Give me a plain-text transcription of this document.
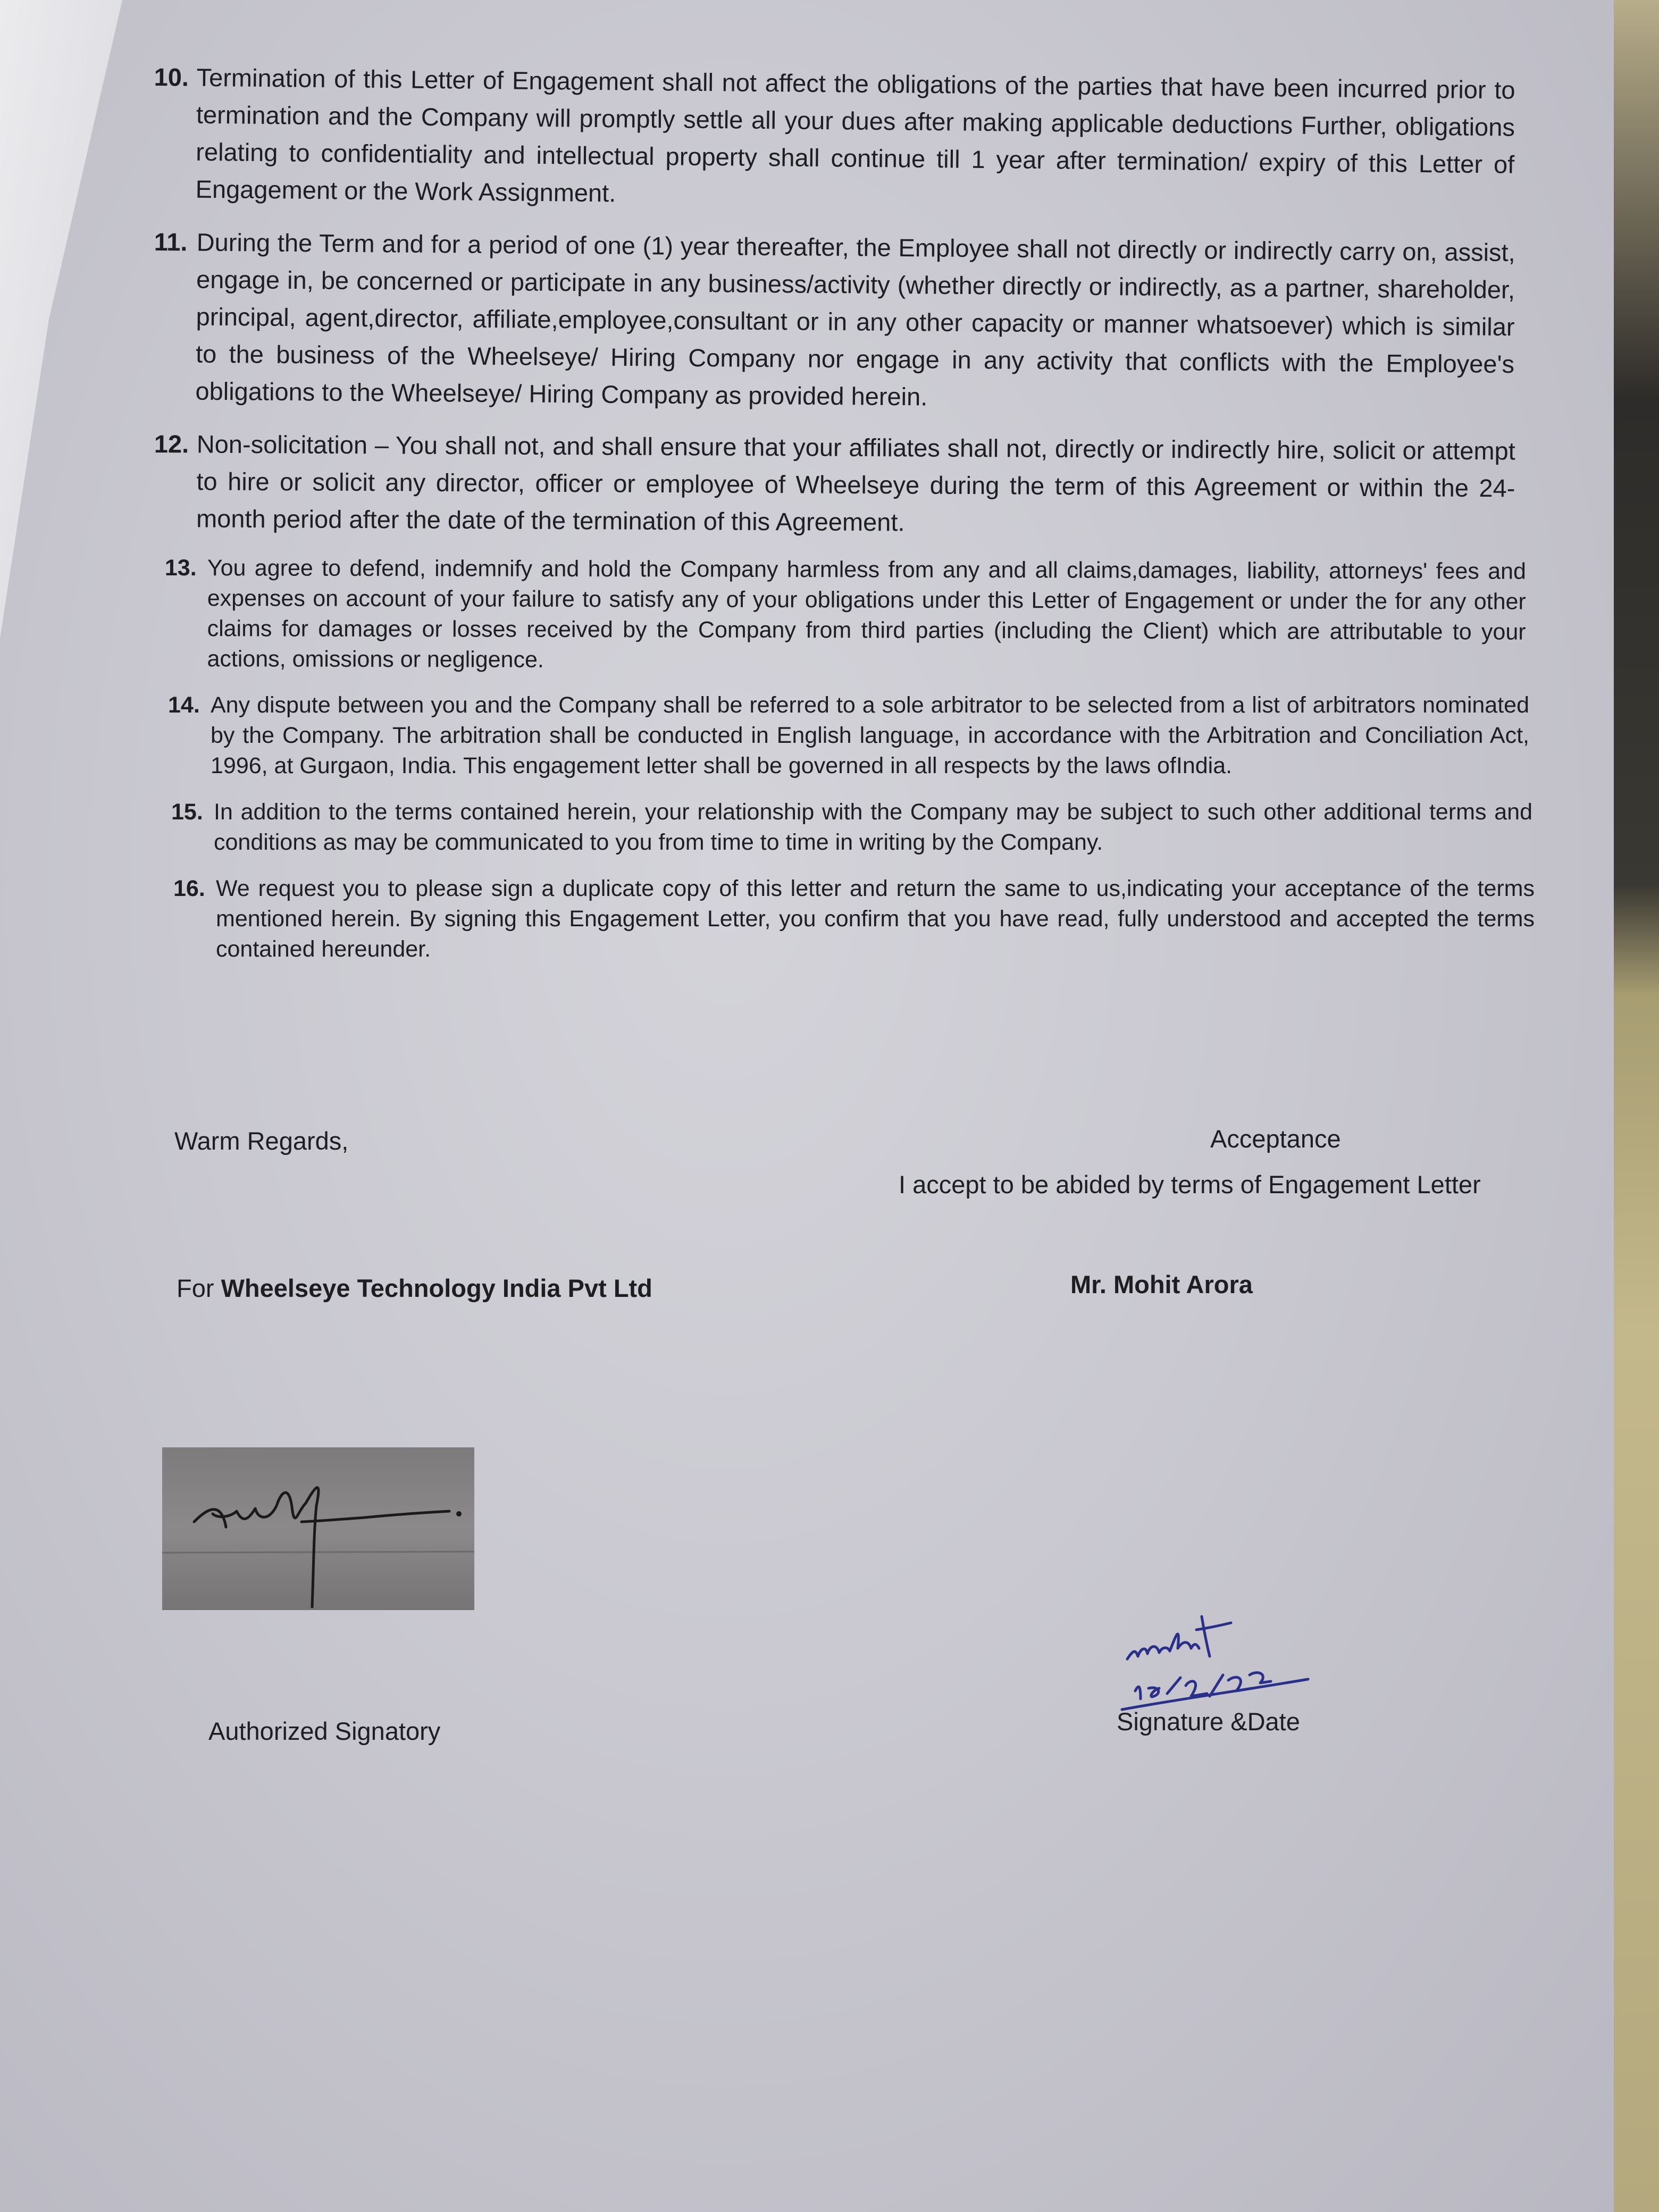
10. Termination of this Letter of Engagement shall not affect the obligations of the parties that have been incurred prior to termination and the Company will promptly settle all your dues after making applicable deductions Further, obligations relating to confidentiality and intellectual property shall continue till 1 year after termination/ expiry of this Letter of Engagement or the Work Assignment.
11. During the Term and for a period of one (1) year thereafter, the Employee shall not directly or indirectly carry on, assist, engage in, be concerned or participate in any business/activity (whether directly or indirectly, as a partner, shareholder, principal, agent,director, affiliate,employee,consultant or in any other capacity or manner whatsoever) which is similar to the business of the Wheelseye/ Hiring Company nor engage in any activity that conflicts with the Employee's obligations to the Wheelseye/ Hiring Company as provided herein.
12. Non-solicitation – You shall not, and shall ensure that your affiliates shall not, directly or indirectly hire, solicit or attempt to hire or solicit any director, officer or employee of Wheelseye during the term of this Agreement or within the 24-month period after the date of the termination of this Agreement.
13. You agree to defend, indemnify and hold the Company harmless from any and all claims,damages, liability, attorneys' fees and expenses on account of your failure to satisfy any of your obligations under this Letter of Engagement or under the for any other claims for damages or losses received by the Company from third parties (including the Client) which are attributable to your actions, omissions or negligence.
14. Any dispute between you and the Company shall be referred to a sole arbitrator to be selected from a list of arbitrators nominated by the Company. The arbitration shall be conducted in English language, in accordance with the Arbitration and Conciliation Act, 1996, at Gurgaon, India. This engagement letter shall be governed in all respects by the laws ofIndia.
15. In addition to the terms contained herein, your relationship with the Company may be subject to such other additional terms and conditions as may be communicated to you from time to time in writing by the Company.
16. We request you to please sign a duplicate copy of this letter and return the same to us,indicating your acceptance of the terms mentioned herein. By signing this Engagement Letter, you confirm that you have read, fully understood and accepted the terms contained hereunder.
Warm Regards,	Acceptance
I accept to be abided by terms of Engagement Letter
For Wheelseye Technology India Pvt Ltd	Mr. Mohit Arora
Authorized Signatory	Signature &Date
